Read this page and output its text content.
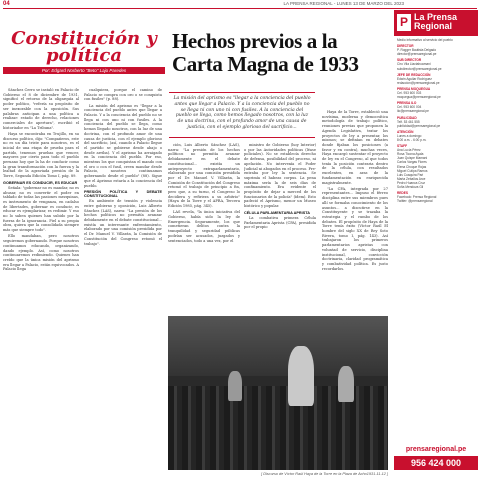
04	LA PRENSA REGIONAL - LUNES 13 DE MARZO DEL 2023
Constitución y
política
Por: Edgard Norberto "Beto" Lajo Paredes
Hechos previos a la Carta Magna de 1933
La misión del aprismo es "llegar a la conciencia del pueblo antes que llegar a Palacio. Y a la conciencia del pueblo no se llega ni con uno ni con fusiles. A la conciencia del pueblo se llega, como hemos llegado nosotros, con la luz de una doctrina, con el profundo amor de una causa de justicia, con el ejemplo glorioso del sacrificio...

Sánchez Cerro se instaló en Palacio de Gobierno el 8 de diciembre de 1931, significó el retorno de la oligarquía al poder político, "refería su propósito de ser inexorable con la oposición. Sus palabras anticipan a una política a realizar: estado de derecho, relaciones comerciales de apertura", escribió el historiador en "La Tribuna".

Haya se encontraba en Trujillo, en su discurso político, dijo: "Compañeros, este no es un día triste para nosotros, es el inicial de una etapa de prueba para el partido, tenemos pruebas que vencer, mayores por cierto para todo el pueblo peruano hoy que la ha de conducir como la gran transformación con la fuerza y la lealtad de la agraviada presión de la Torre, Segunda Edición Tomo I, pág. 89.

GOBERNAR ES CONDUCIR, ES EDUCAR

Señala: "gobernar no es mandar, no es abusar, no es convertir el poder en tablado de todas las pasiones mezquinas, es instrumento de venganza, en cadalso de libertades, gobernar es conducir, es educar es ejemplarizar, es redimir. Y eso no lo saben quienes han subido por la fuerza de la ignorancia. Fiel a su propia obra, quiera que la consolidada siempre más que siempre todo".

Ello mandaban, pero nosotros seguiremos gobernando. Porque nosotros continuamos educando, organizando, dando ejemplo. Así, como nosotros continuaremos redimiendo. Quienes han creído que la única misión del aprismo era llegar a Palacio, están equivocados. A Palacio llega

cualquiera, porque el camino de Palacio se compra con oro o se conquista con fusiles" (p. 88).

La misión del aprismo es "llegar a la conciencia del pueblo antes que llegar a Palacio. Y a la conciencia del pueblo no se llega ni con uno ni con fusiles. A la conciencia del pueblo se llega, como hemos llegado nosotros, con la luz de una doctrina, con el profundo amor de una causa de justicia, con el ejemplo glorioso del sacrificio, (así, cuando a Palacio llegue el partido se gobierne desde abajo o desde arriba). Y el aprismo ha arraigado en la conciencia del pueblo. Por eso, mientras los que conquistan el mando con el oro o con el fusil, creen mandar desde Palacio, nosotros continuamos gobernando desde el pueblo" (88). Sigue que el Aprismo estaría a la conciencia del pueblo.

PRESIÓN POLÍTICA Y DEBATE CONSTITUCIONAL

En ambiente de tensión y violencia entre gobierno y oposición, Luis Alberto Sánchez (LAS), narra: "La presión de los hechos políticos no permitía avanzar debidamente en el debate constitucional... existía un interesante enfrentamiento, elaborado por una comisión presidida por el Dr. Manuel V. Villarán, la Comisión de Constitución del Congreso retomó el trabajo".

ción, Luis Alberto Sánchez (LAS), narra: "La presión de los hechos políticos no permitía avanzar debidamente en el debate constitucional... existía un anteproyecto extraparlamentario, elaborado por una comisión presidida por el Dr. Manuel V. Villarán, la Comisión de Constitución del Congreso retomó el trabajo de principio a fin, pero que, a su turno, el Congreso lo decidiera y refiriera a su arbitrio" (Haya de la Torre y el APRA, Tercera Edición 1985, pág. 345).

LAS revela, "la única iniciativa del Gobierno, había sido la ley de Emergencia. Seguramente, los que cometieran delitos contra la tranquilidad y seguridad públicas podrían ser acusados, juzgados y sentenciados, todo a una vez, por el

ministro de Gobierno (hoy Interior) o por las Autoridades políticas (léase policiales). No se establecía derecho de defensa, posibilidad del proceso, ni apelación. No intervenía el Poder Judicial ni abogados en el proceso. Pre-entraba por ley la sentencia. Se suprimía el habeas corpus. La pena máxima sería la de seis días de confinamiento. Era evidente el propósito de dejar a merced de los funcionarios de la policía" (ídem). Esto padeció el Aprismo, menor un Museo histórico y popular.

CÉLULA PARLAMENTARIA APRISTA

La combativa primera Célula Parlamentaria Aprista (CPA), presidida por el propio

Haya de la Torre, estableció una novísima, moderna y democrática metodología de trabajo político, reuniones previas que proponen la Agenda Legislativa, tratar los proyectos de ley a presentar, los mismos; se definían en debates donde fijaban los posiciones (a favor y en contra), muchas veces, Haya encargó sustentar el proyecto de ley en el Congreso, al que todos tenía la posición contraria dentro de la célula, con resultados excelentes, en aras de la fundamentación en enriquecida magistralmente.

"La CPA, integrada por 27 representantes... Impuso el férreo disciplina entre sus miembros pues allí se formaba conocimiento de los asuntos... a discutirse en la Constituyente y se trazaba la estrategia y el rumbo de los debates. El propósito de Haya de la Torre tenía éxito (Víctor Raúl El hombre del siglo XX de Rey Soto Rivera, tomo I, pág. 143). Así trabajaron los primeros parlamentarios apristas con voluntad de servicio, disciplina institucional, convicción doctrinaria, claridad programática y combatividad política. Es justo recordarlos.

[ Discurso de Víctor Raúl Haya de la Torre en la Plaza de Acho1931-11-12 ]
P La Prensa
Regional
Medio informativo al servicio del pueblo
DIRECTOR
P. Rogger Bautista Delgado
director@prensaregional.pe
SUB DIRECTOR
Ciro Vila Llactahuamani
subdirector@prensaregional.pe
JEFE DE REDACCIÓN
Edwin Aguilar Rodríguez
redaccion@prensaregional.pe
PRENSA MOQUEGUA
Cel. 953 600 003
moquegua@prensaregional.pe
PRENSA ILO
Cel. 953 600 004
ilo@prensaregional.pe
PUBLICIDAD
Telf. 53 461 555
publicidad@prensaregional.pe
ATENCIÓN
Lunes a domingo
8:00 a.m. - 6:00 p.m.
STAFF
Ana Lucía Pérez
Rosa Ticona Ayala
Juan Quispe Mamani
Carlos Vargas Flores
Elena Choque Rojas
Miguel Cutipa Ramos
Luis Coaquira Pari
Marta Zeballos Arce
Pedro Huanca Cruz
Sofía Mendoza Gil
REDES
Facebook: Prensa Regional
Twitter: @prensaregional
prensaregional.pe
956 424 000
